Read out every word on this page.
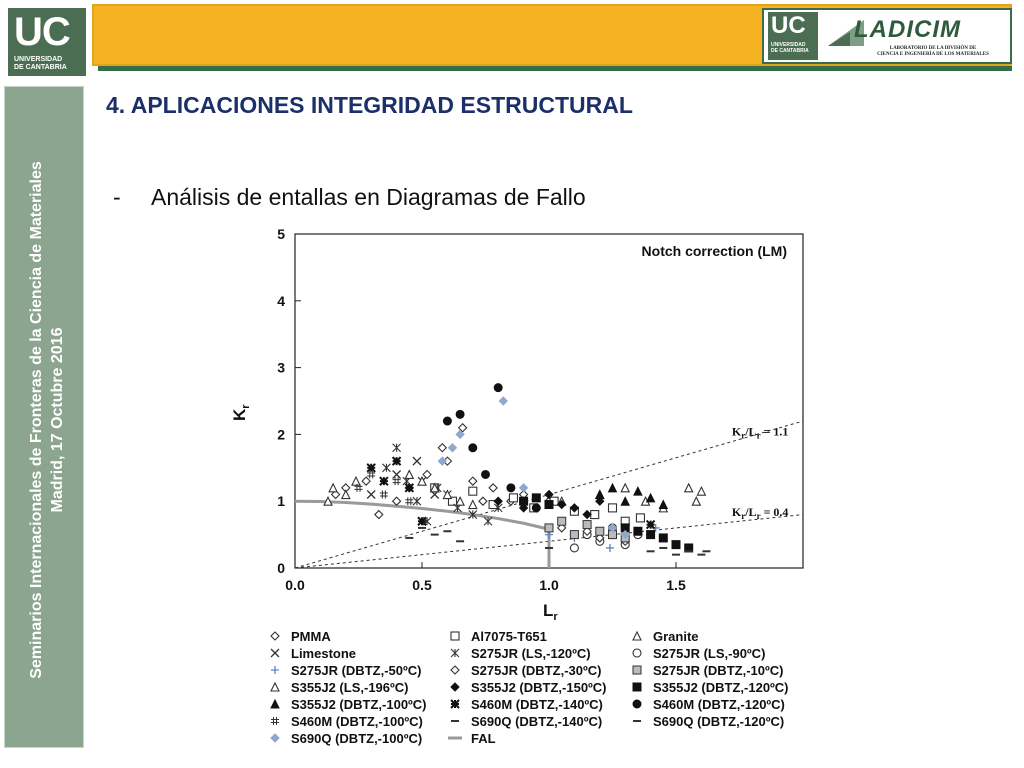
UC
UNIVERSIDAD
DE CANTABRIA
UC
UNIVERSIDAD
DE CANTABRIA
LADICIM
LABORATORIO DE LA DIVISIÓN DE
CIENCIA E INGENIERÍA DE LOS MATERIALES
Seminarios Internacionales de Fronteras de la Ciencia de Materiales Madrid, 17 Octubre 2016
4. APLICACIONES INTEGRIDAD ESTRUCTURAL
- Análisis de entallas en Diagramas de Fallo
0.0	0.5	1.0	1.5
0
1
2
3
4
5
$L_r$
$K_r$
Notch correction (LM)
$K_r/L_r = 1.1$
$K_r/L_r = 0.4$
PMMA	Al7075-T651	Granite
Limestone	S275JR (LS,-120ºC)	S275JR (LS,-90ºC)
S275JR (DBTZ,-50ºC)	S275JR (DBTZ,-30ºC)	S275JR (DBTZ,-10ºC)
S355J2 (LS,-196ºC)	S355J2 (DBTZ,-150ºC)	S355J2 (DBTZ,-120ºC)
S355J2 (DBTZ,-100ºC)	S460M (DBTZ,-140ºC)	S460M (DBTZ,-120ºC)
S460M (DBTZ,-100ºC)	S690Q (DBTZ,-140ºC)	S690Q (DBTZ,-120ºC)
S690Q (DBTZ,-100ºC)	FAL
